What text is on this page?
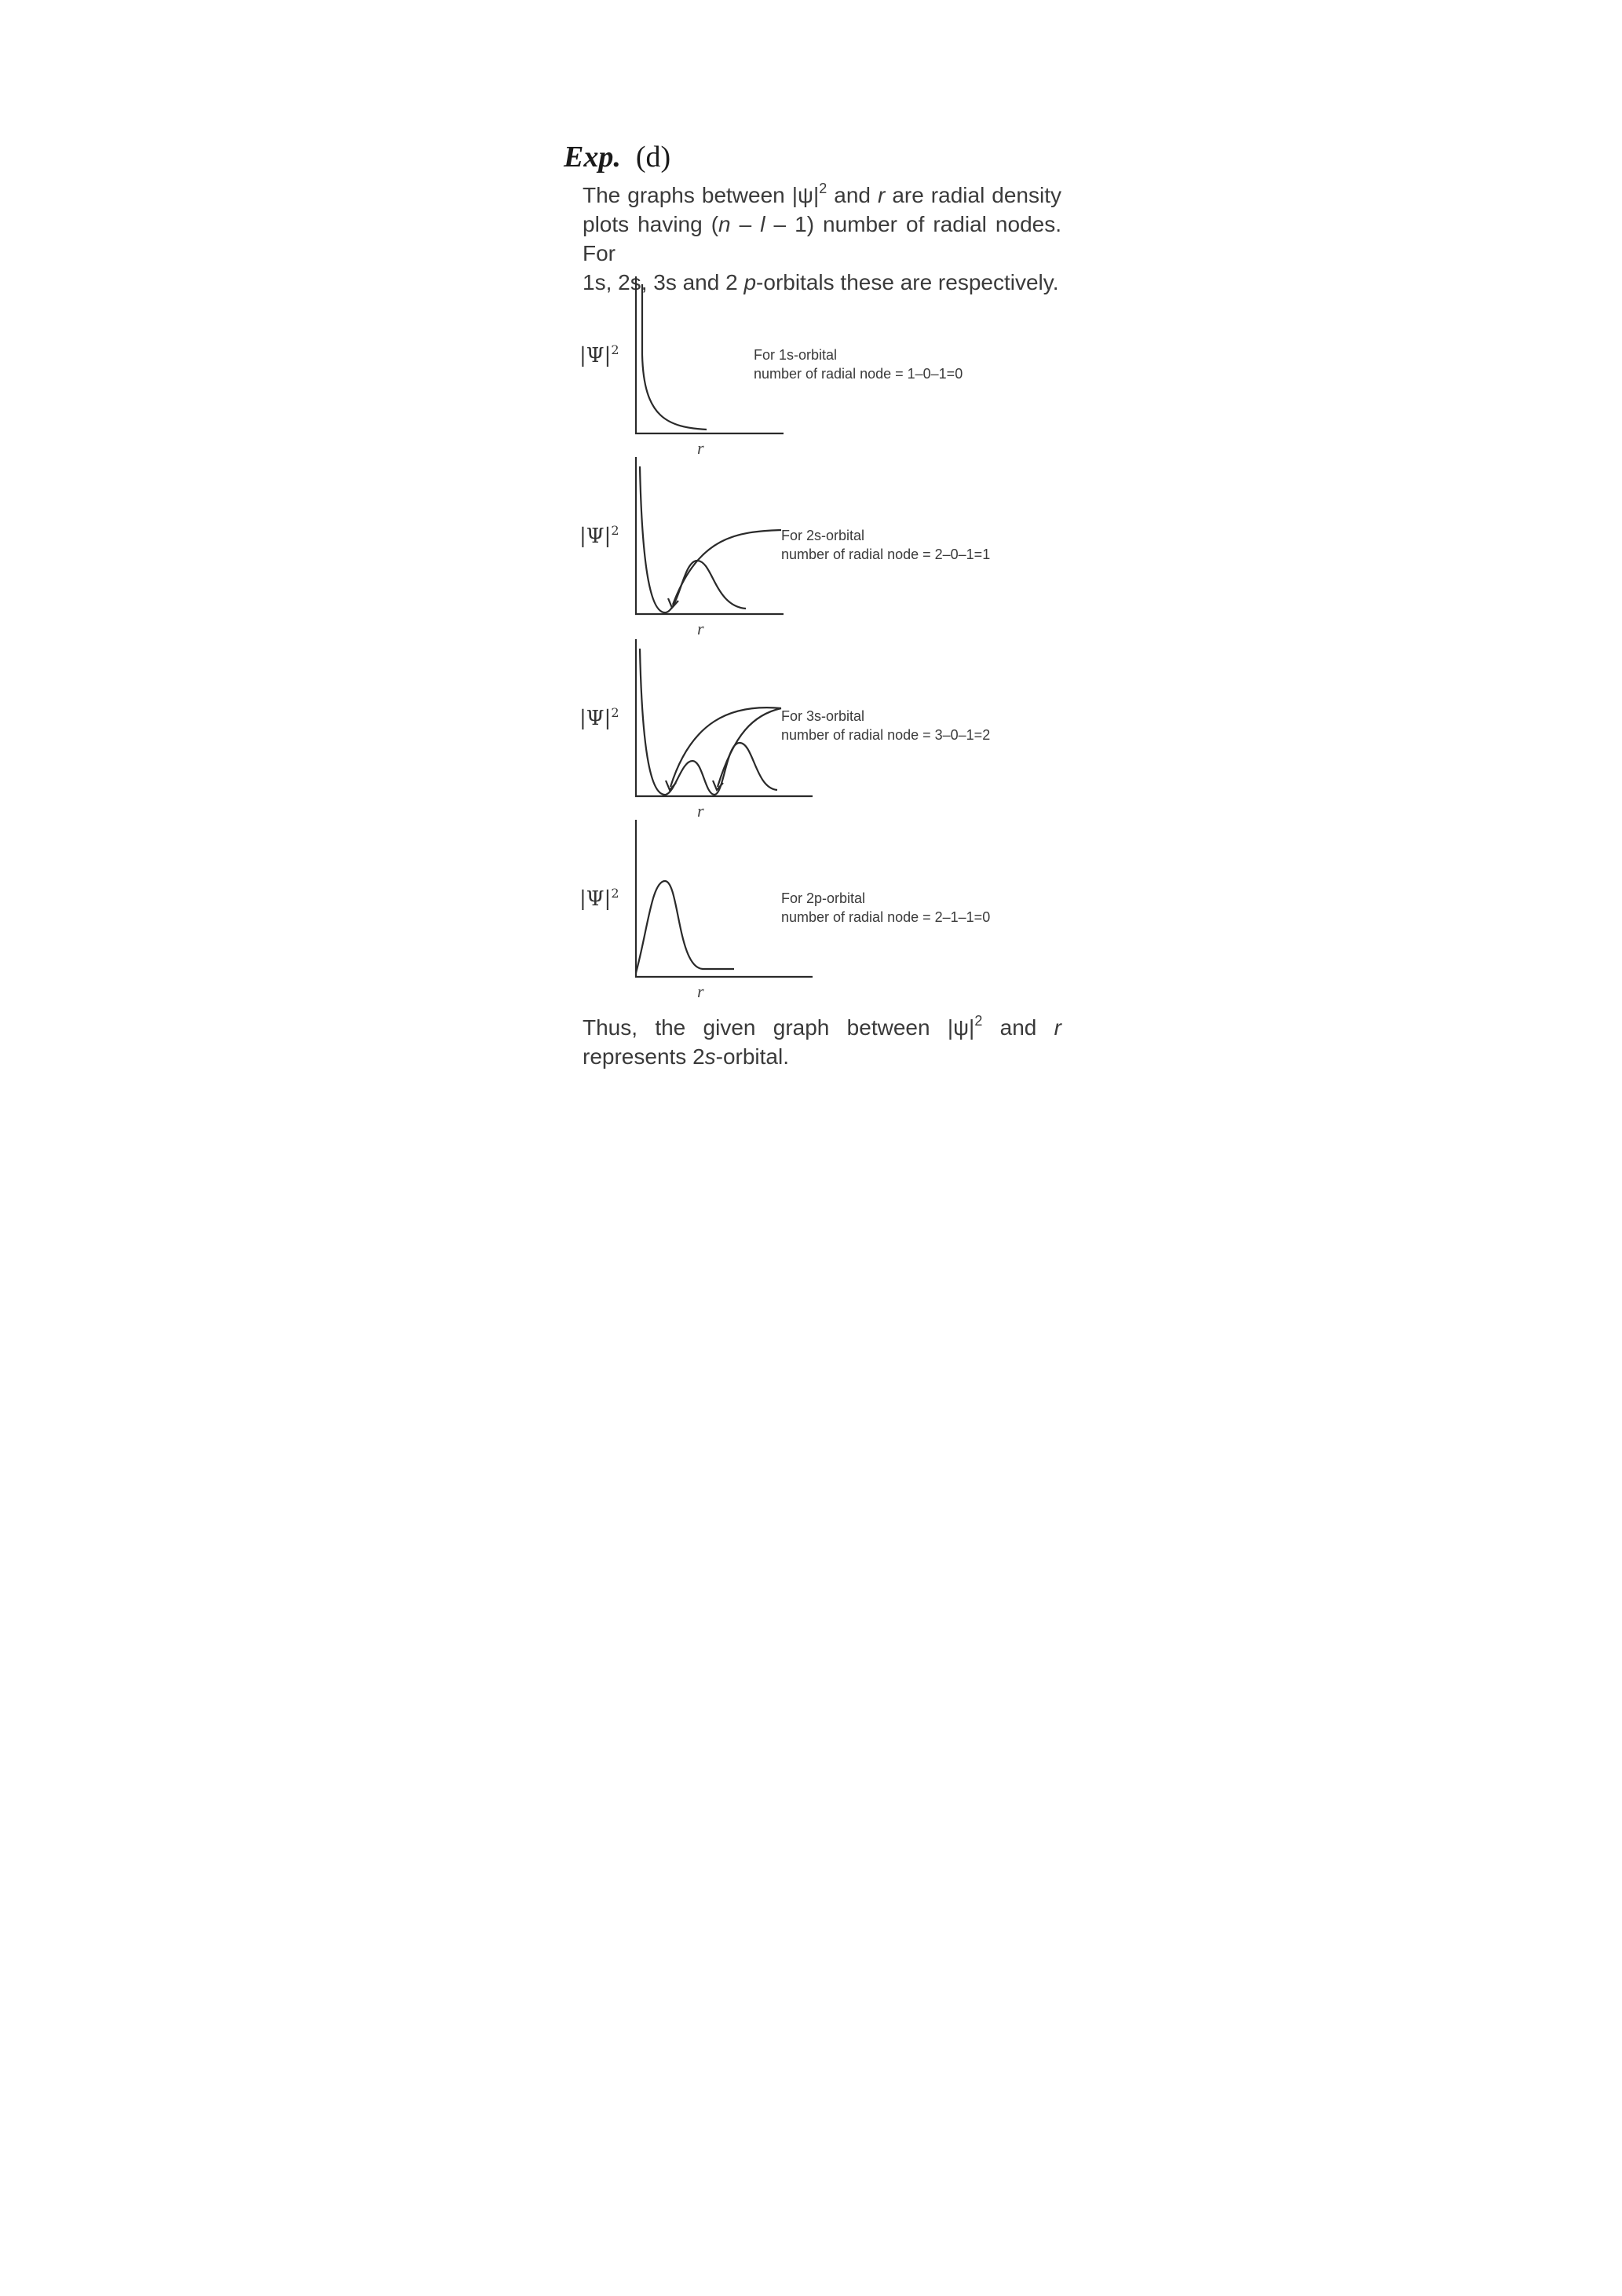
Exp. (d)
The graphs between $|\psi|^2$ and r are radial density
plots having (n – l – 1) number of radial nodes. For
1s, 2s, 3s and 2 p-orbitals these are respectively.
$|\Psi|^2$
r
For 1s-orbital
number of radial node = 1–0–1=0
$|\Psi|^2$
r
For 2s-orbital
number of radial node = 2–0–1=1
$|\Psi|^2$
r
For 3s-orbital
number of radial node = 3–0–1=2
$|\Psi|^2$
r
For 2p-orbital
number of radial node = 2–1–1=0
Thus, the given graph between $|\psi|^2$ and r
represents 2s-orbital.
